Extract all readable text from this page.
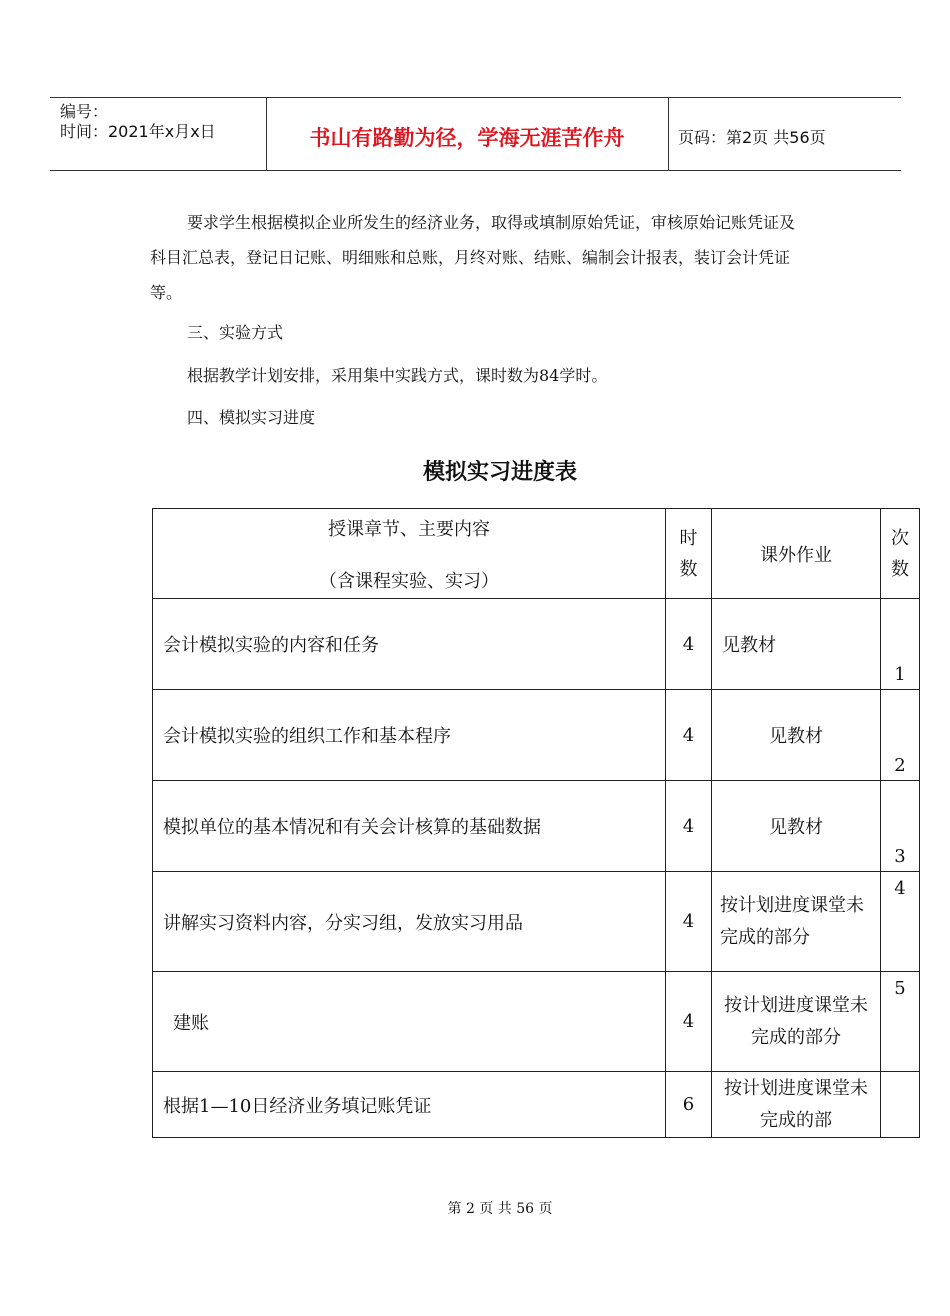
编号：
时间：2021年x月x日	书山有路勤为径，学海无涯苦作舟	页码：第2页 共56页
要求学生根据模拟企业所发生的经济业务，取得或填制原始凭证，审核原始记账凭证及科目汇总表，登记日记账、明细账和总账，月终对账、结账、编制会计报表，装订会计凭证等。
三、实验方式
根据教学计划安排，采用集中实践方式，课时数为84学时。
四、模拟实习进度
模拟实习进度表
授课章节、主要内容
（含课程实验、实习）	时数	课外作业	次数

会计模拟实验的内容和任务	4	见教材	1
会计模拟实验的组织工作和基本程序	4	见教材	2
模拟单位的基本情况和有关会计核算的基础数据	4	见教材	3
讲解实习资料内容，分实习组，发放实习用品	4	按计划进度课堂未完成的部分	4
建账	4	按计划进度课堂未完成的部分	5
根据1—10日经济业务填记账凭证	6	按计划进度课堂未完成的部	
第 2 页 共 56 页
